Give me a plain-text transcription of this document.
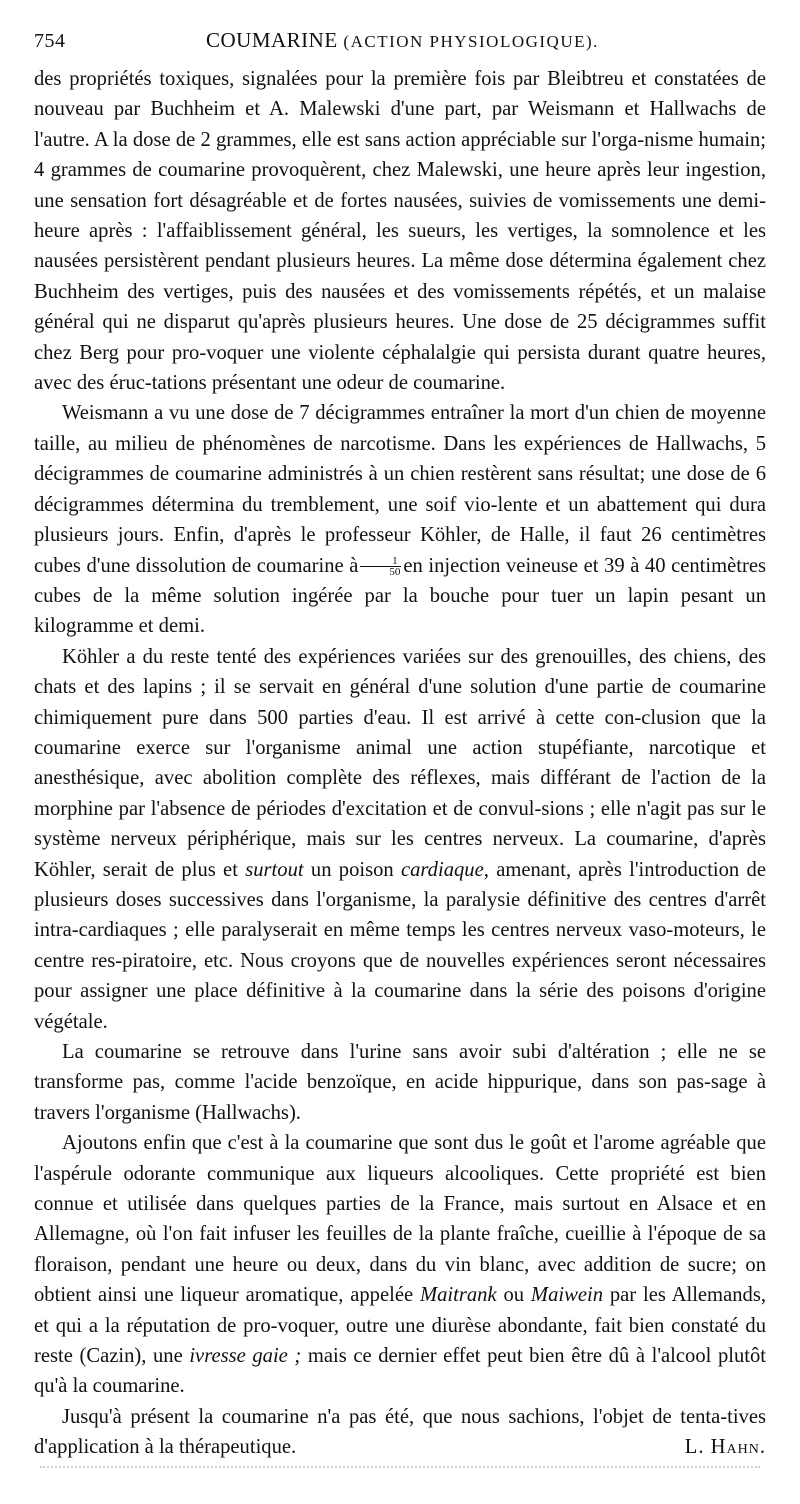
754	COUMARINE
(ACTION PHYSIOLOGIQUE).

des propriétés toxiques, signalées pour la première fois par Bleibtreu et constatées de nouveau par Buchheim et A. Malewski d'une part, par Weismann et Hallwachs de l'autre. A la dose de 2 grammes, elle est sans action appréciable sur l'orga-nisme humain; 4 grammes de coumarine provoquèrent, chez Malewski, une heure après leur ingestion, une sensation fort désagréable et de fortes nausées, suivies de vomissements une demi-heure après : l'affaiblissement général, les sueurs, les vertiges, la somnolence et les nausées persistèrent pendant plusieurs heures. La même dose détermina également chez Buchheim des vertiges, puis des nausées et des vomissements répétés, et un malaise général qui ne disparut qu'après plusieurs heures. Une dose de 25 décigrammes suffit chez Berg pour pro-voquer une violente céphalalgie qui persista durant quatre heures, avec des éruc-tations présentant une odeur de coumarine.

Weismann a vu une dose de 7 décigrammes entraîner la mort d'un chien de moyenne taille, au milieu de phénomènes de narcotisme. Dans les expériences de Hallwachs, 5 décigrammes de coumarine administrés à un chien restèrent sans résultat; une dose de 6 décigrammes détermina du tremblement, une soif vio-lente et un abattement qui dura plusieurs jours. Enfin, d'après le professeur Köhler, de Halle, il faut 26 centimètres cubes d'une dissolution de coumarine à $\frac{1}{50}$ en injection veineuse et 39 à 40 centimètres cubes de la même solution ingérée par la bouche pour tuer un lapin pesant un kilogramme et demi.

Köhler a du reste tenté des expériences variées sur des grenouilles, des chiens, des chats et des lapins ; il se servait en général d'une solution d'une partie de coumarine chimiquement pure dans 500 parties d'eau. Il est arrivé à cette con-clusion que la coumarine exerce sur l'organisme animal une action stupéfiante, narcotique et anesthésique, avec abolition complète des réflexes, mais différant de l'action de la morphine par l'absence de périodes d'excitation et de convul-sions ; elle n'agit pas sur le système nerveux périphérique, mais sur les centres nerveux. La coumarine, d'après Köhler, serait de plus et surtout un poison cardiaque, amenant, après l'introduction de plusieurs doses successives dans l'organisme, la paralysie définitive des centres d'arrêt intra-cardiaques ; elle paralyserait en même temps les centres nerveux vaso-moteurs, le centre res-piratoire, etc. Nous croyons que de nouvelles expériences seront nécessaires pour assigner une place définitive à la coumarine dans la série des poisons d'origine végétale.

La coumarine se retrouve dans l'urine sans avoir subi d'altération ; elle ne se transforme pas, comme l'acide benzoïque, en acide hippurique, dans son pas-sage à travers l'organisme (Hallwachs).

Ajoutons enfin que c'est à la coumarine que sont dus le goût et l'arome agréable que l'aspérule odorante communique aux liqueurs alcooliques. Cette propriété est bien connue et utilisée dans quelques parties de la France, mais surtout en Alsace et en Allemagne, où l'on fait infuser les feuilles de la plante fraîche, cueillie à l'époque de sa floraison, pendant une heure ou deux, dans du vin blanc, avec addition de sucre; on obtient ainsi une liqueur aromatique, appelée Maitrank ou Maiwein par les Allemands, et qui a la réputation de pro-voquer, outre une diurèse abondante, fait bien constaté du reste (Cazin), une ivresse gaie ; mais ce dernier effet peut bien être dû à l'alcool plutôt qu'à la coumarine.

Jusqu'à présent la coumarine n'a pas été, que nous sachions, l'objet de tenta-tives d'application à la thérapeutique.	L. Hahn.
